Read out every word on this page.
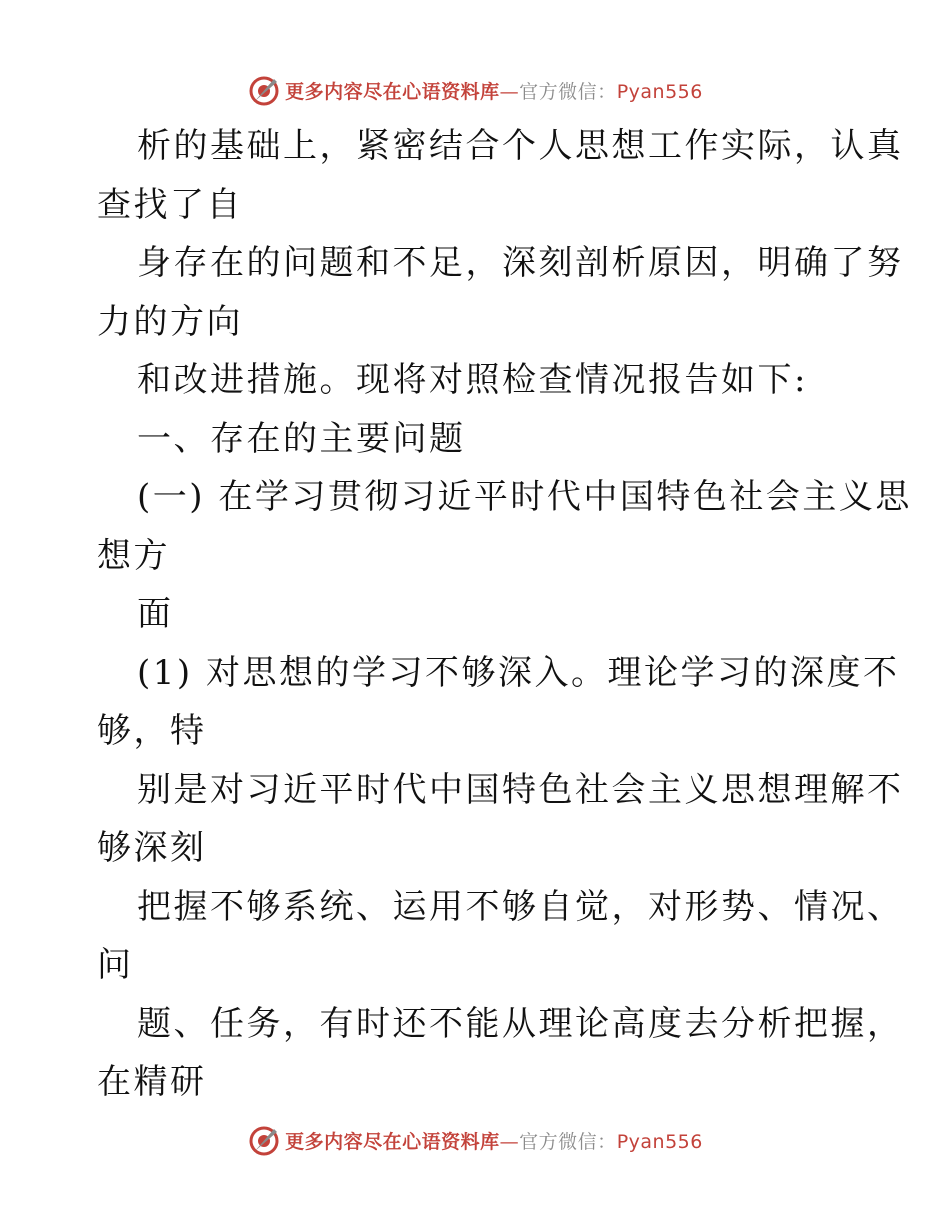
更多内容尽在心语资料库—官方微信：Pyan556
析的基础上，紧密结合个人思想工作实际，认真
查找了自
身存在的问题和不足，深刻剖析原因，明确了努
力的方向
和改进措施。现将对照检查情况报告如下:
一、存在的主要问题
(一) 在学习贯彻习近平时代中国特色社会主义思
想方
面
(1) 对思想的学习不够深入。理论学习的深度不
够，特
别是对习近平时代中国特色社会主义思想理解不
够深刻
把握不够系统、运用不够自觉，对形势、情况、
问
题、任务，有时还不能从理论高度去分析把握，
在精研
更多内容尽在心语资料库—官方微信：Pyan556
